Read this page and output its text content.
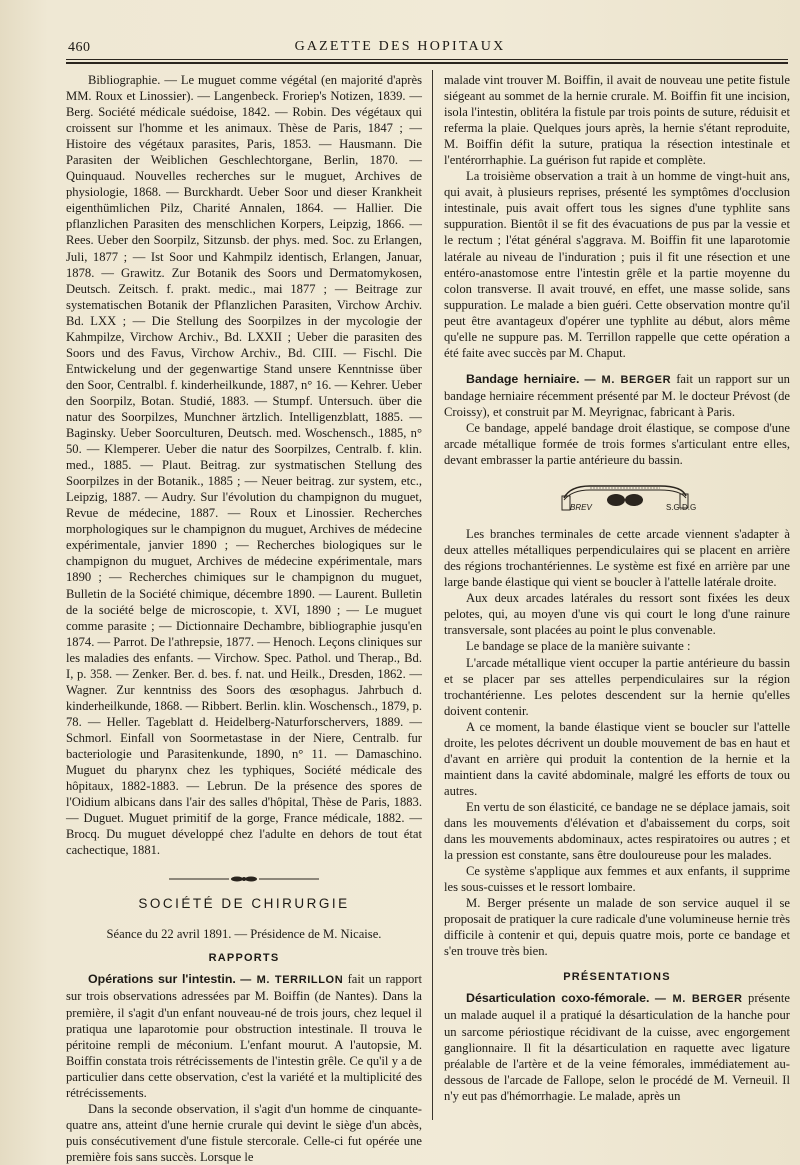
460	GAZETTE DES HOPITAUX

Bibliographie. — Le muguet comme végétal (en majorité d'après MM. Roux et Linossier). — Langenbeck. Froriep's Notizen, 1839. — Berg. Société médicale suédoise, 1842. — Robin. Des végétaux qui croissent sur l'homme et les animaux. Thèse de Paris, 1847 ; — Histoire des végétaux parasites, Paris, 1853. — Hausmann. Die Parasiten der Weiblichen Geschlechtorgane, Berlin, 1870. — Quinquaud. Nouvelles recherches sur le muguet, Archives de physiologie, 1868. — Burckhardt. Ueber Soor und dieser Krankheit eigenthümlichen Pilz, Charité Annalen, 1864. — Hallier. Die pflanzlichen Parasiten des menschlichen Korpers, Leipzig, 1866. — Rees. Ueber den Soorpilz, Sitzunsb. der phys. med. Soc. zu Erlangen, Juli, 1877 ; — Ist Soor und Kahmpilz identisch, Erlangen, Januar, 1878. — Grawitz. Zur Botanik des Soors und Dermatomykosen, Deutsch. Zeitsch. f. prakt. medic., mai 1877 ; — Beitrage zur systematischen Botanik der Pflanzlichen Parasiten, Virchow Archiv. Bd. LXX ; — Die Stellung des Soorpilzes in der mycologie der Kahmpilze, Virchow Archiv., Bd. LXXII ; Ueber die parasiten des Soors und des Favus, Virchow Archiv., Bd. CIII. — Fischl. Die Entwickelung und der gegenwartige Stand unsere Kenntnisse über den Soor, Centralbl. f. kinderheilkunde, 1887, n° 16. — Kehrer. Ueber den Soorpilz, Botan. Studié, 1883. — Stumpf. Untersuch. über die natur des Soorpilzes, Munchner ärtzlich. Intelligenzblatt, 1885. — Baginsky. Ueber Soorculturen, Deutsch. med. Woschensch., 1885, n° 50. — Klemperer. Ueber die natur des Soorpilzes, Centralb. f. klin. med., 1885. — Plaut. Beitrag. zur systmatischen Stellung des Soorpilzes in der Botanik., 1885 ; — Neuer beitrag. zur system, etc., Leipzig, 1887. — Audry. Sur l'évolution du champignon du muguet, Revue de médecine, 1887. — Roux et Linossier. Recherches morphologiques sur le champignon du muguet, Archives de médecine expérimentale, janvier 1890 ; — Recherches biologiques sur le champignon du muguet, Archives de médecine expérimentale, mars 1890 ; — Recherches chimiques sur le champignon du muguet, Bulletin de la Société chimique, décembre 1890. — Laurent. Bulletin de la société belge de microscopie, t. XVI, 1890 ; — Le muguet comme parasite ; — Dictionnaire Dechambre, bibliographie jusqu'en 1874. — Parrot. De l'athrepsie, 1877. — Henoch. Leçons cliniques sur les maladies des enfants. — Virchow. Spec. Pathol. und Therap., Bd. I, p. 358. — Zenker. Ber. d. bes. f. nat. und Heilk., Dresden, 1862. — Wagner. Zur kenntniss des Soors des œsophagus. Jahrbuch d. kinderheilkunde, 1868. — Ribbert. Berlin. klin. Woschensch., 1879, p. 78. — Heller. Tageblatt d. Heidelberg-Naturforschervers, 1889. — Schmorl. Einfall von Soormetastase in der Niere, Centralb. fur bacteriologie und Parasitenkunde, 1890, n° 11. — Damaschino. Muguet du pharynx chez les typhiques, Société médicale des hôpitaux, 1882-1883. — Lebrun. De la présence des spores de l'Oidium albicans dans l'air des salles d'hôpital, Thèse de Paris, 1883. — Duguet. Muguet primitif de la gorge, France médicale, 1882. — Brocq. Du muguet développé chez l'adulte en dehors de tout état cachectique, 1881.

SOCIÉTÉ DE CHIRURGIE

Séance du 22 avril 1891. — Présidence de M. Nicaise.

RAPPORTS

Opérations sur l'intestin. — M. TERRILLON fait un rapport sur trois observations adressées par M. Boiffin (de Nantes). Dans la première, il s'agit d'un enfant nouveau-né de trois jours, chez lequel il pratiqua une laparotomie pour obstruction intestinale. Il trouva le péritoine rempli de méconium. L'enfant mourut. A l'autopsie, M. Boiffin constata trois rétrécissements de l'intestin grêle. Ce qu'il y a de particulier dans cette observation, c'est la variété et la multiplicité des rétrécissements.

Dans la seconde observation, il s'agit d'un homme de cinquante-quatre ans, atteint d'une hernie crurale qui devint le siège d'un abcès, puis consécutivement d'une fistule stercorale. Celle-ci fut opérée une première fois sans succès. Lorsque le

malade vint trouver M. Boiffin, il avait de nouveau une petite fistule siégeant au sommet de la hernie crurale. M. Boiffin fit une incision, isola l'intestin, oblitéra la fistule par trois points de suture, réduisit et referma la plaie. Quelques jours après, la hernie s'étant reproduite, M. Boiffin défit la suture, pratiqua la résection intestinale et l'entérorrhaphie. La guérison fut rapide et complète.

La troisième observation a trait à un homme de vingt-huit ans, qui avait, à plusieurs reprises, présenté les symptômes d'occlusion intestinale, puis avait offert tous les signes d'une typhlite sans suppuration. Bientôt il se fit des évacuations de pus par la vessie et le rectum ; l'état général s'aggrava. M. Boiffin fit une laparotomie latérale au niveau de l'induration ; puis il fit une résection et une entéro-anastomose entre l'intestin grêle et la partie moyenne du colon transverse. Il avait trouvé, en effet, une masse solide, sans suppuration. Le malade a bien guéri. Cette observation montre qu'il peut être avantageux d'opérer une typhlite au début, alors même qu'elle ne suppure pas. M. Terrillon rappelle que cette opération a été faite avec succès par M. Chaput.

Bandage herniaire. — M. BERGER fait un rapport sur un bandage herniaire récemment présenté par M. le docteur Prévost (de Croissy), et construit par M. Meyrignac, fabricant à Paris.

Ce bandage, appelé bandage droit élastique, se compose d'une arcade métallique formée de trois formes s'articulant entre elles, devant embrasser la partie antérieure du bassin.

BREV	S.G.D.G

Les branches terminales de cette arcade viennent s'adapter à deux attelles métalliques perpendiculaires qui se placent en arrière des régions trochantériennes. Le système est fixé en arrière par une large bande élastique qui vient se boucler à l'attelle latérale droite.

Aux deux arcades latérales du ressort sont fixées les deux pelotes, qui, au moyen d'une vis qui court le long d'une rainure transversale, sont placées au point le plus convenable.

Le bandage se place de la manière suivante :

L'arcade métallique vient occuper la partie antérieure du bassin et se placer par ses attelles perpendiculaires sur la région trochantérienne. Les pelotes descendent sur la hernie qu'elles doivent contenir.

A ce moment, la bande élastique vient se boucler sur l'attelle droite, les pelotes décrivent un double mouvement de bas en haut et d'avant en arrière qui produit la contention de la hernie et la maintient dans la cavité abdominale, malgré les efforts de toux ou autres.

En vertu de son élasticité, ce bandage ne se déplace jamais, soit dans les mouvements d'élévation et d'abaissement du corps, soit dans les mouvements abdominaux, actes respiratoires ou autres ; et la pression est constante, sans être douloureuse pour les malades.

Ce système s'applique aux femmes et aux enfants, il supprime les sous-cuisses et le ressort lombaire.

M. Berger présente un malade de son service auquel il se proposait de pratiquer la cure radicale d'une volumineuse hernie très difficile à contenir et qui, depuis quatre mois, porte ce bandage et s'en trouve très bien.

PRÉSENTATIONS

Désarticulation coxo-fémorale. — M. BERGER présente un malade auquel il a pratiqué la désarticulation de la hanche pour un sarcome périostique récidivant de la cuisse, avec engorgement ganglionnaire. Il fit la désarticulation en raquette avec ligature préalable de l'artère et de la veine fémorales, immédiatement au-dessous de l'arcade de Fallope, selon le procédé de M. Verneuil. Il n'y eut pas d'hémorrhagie. Le malade, après un
